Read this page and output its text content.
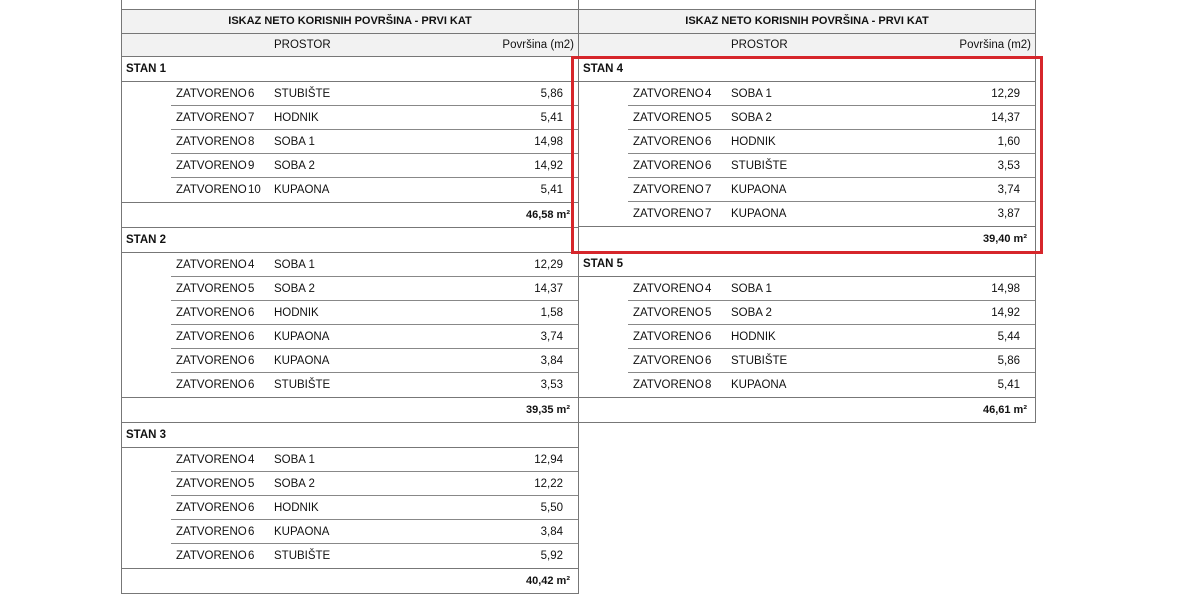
ISKAZ NETO KORISNIH POVRŠINA - PRVI KAT
PROSTOR	Površina (m2)
STAN 1
ZATVORENO 6 STUBIŠTE	5,86
ZATVORENO 7 HODNIK	5,41
ZATVORENO 8 SOBA 1	14,98
ZATVORENO 9 SOBA 2	14,92
ZATVORENO 10 KUPAONA	5,41
46,58 m²
STAN 2
ZATVORENO 4 SOBA 1	12,29
ZATVORENO 5 SOBA 2	14,37
ZATVORENO 6 HODNIK	1,58
ZATVORENO 6 KUPAONA	3,74
ZATVORENO 6 KUPAONA	3,84
ZATVORENO 6 STUBIŠTE	3,53
39,35 m²
STAN 3
ZATVORENO 4 SOBA 1	12,94
ZATVORENO 5 SOBA 2	12,22
ZATVORENO 6 HODNIK	5,50
ZATVORENO 6 KUPAONA	3,84
ZATVORENO 6 STUBIŠTE	5,92
40,42 m²
ISKAZ NETO KORISNIH POVRŠINA - PRVI KAT
PROSTOR	Površina (m2)
STAN 4
ZATVORENO 4 SOBA 1	12,29
ZATVORENO 5 SOBA 2	14,37
ZATVORENO 6 HODNIK	1,60
ZATVORENO 6 STUBIŠTE	3,53
ZATVORENO 7 KUPAONA	3,74
ZATVORENO 7 KUPAONA	3,87
39,40 m²
STAN 5
ZATVORENO 4 SOBA 1	14,98
ZATVORENO 5 SOBA 2	14,92
ZATVORENO 6 HODNIK	5,44
ZATVORENO 6 STUBIŠTE	5,86
ZATVORENO 8 KUPAONA	5,41
46,61 m²
